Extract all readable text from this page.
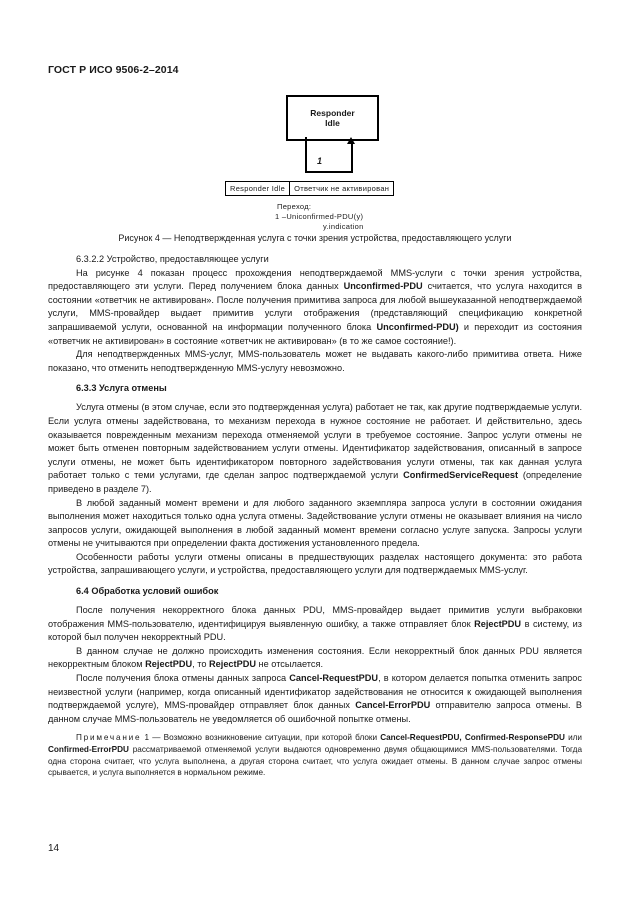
ГОСТ Р ИСО 9506-2–2014
Responder
Idle
1
Responder Idle	Ответчик не активирован
Переход:
1 –Uniconfirmed-PDU(y)
y.indication
Рисунок 4 — Неподтвержденная услуга с точки зрения устройства, предоставляющего услуги

6.3.2.2 Устройство, предоставляющее услуги

На рисунке 4 показан процесс прохождения неподтверждаемой MMS-услуги с точки зрения устройства, предоставляющего эти услуги. Перед получением блока данных Unconfirmed-PDU считается, что услуга находится в состоянии «ответчик не активирован». После получения примитива запроса для любой вышеуказанной неподтверждаемой услуги, MMS-провайдер выдает примитив услуги отображения (представляющий спецификацию конкретной запрашиваемой услуги, основанной на информации полученного блока Unconfirmed-PDU) и переходит из состояния «ответчик не активирован» в состояние «ответчик не активирован» (в то же самое состояние!).

Для неподтвержденных MMS-услуг, MMS-пользователь может не выдавать какого-либо примитива ответа. Ниже показано, что отменить неподтвержденную MMS-услугу невозможно.

6.3.3 Услуга отмены

Услуга отмены (в этом случае, если это подтвержденная услуга) работает не так, как другие подтверждаемые услуги. Если услуга отмены задействована, то механизм перехода в нужное состояние не работает. И действительно, здесь оказывается поврежденным механизм перехода отменяемой услуги в требуемое состояние. Запрос услуги отмены не может быть отменен повторным задействованием услуги отмены. Идентификатор задействования, описанный в запросе услуги отмены, не может быть идентификатором повторного задействования услуги отмены, так как данная услуга работает только с теми услугами, где сделан запрос подтверждаемой услуги ConfirmedServiceRequest (определение приведено в разделе 7).

В любой заданный момент времени и для любого заданного экземпляра запроса услуги в состоянии ожидания выполнения может находиться только одна услуга отмены. Задействование услуги отмены не оказывает влияния на число запросов услуги, ожидающей выполнения в любой заданный момент времени согласно услуге запуска. Запросы услуги отмены не учитываются при определении факта достижения установленного предела.

Особенности работы услуги отмены описаны в предшествующих разделах настоящего документа: это работа устройства, запрашивающего услуги, и устройства, предоставляющего услуги для подтверждаемых MMS-услуг.

6.4 Обработка условий ошибок

После получения некорректного блока данных PDU, MMS-провайдер выдает примитив услуги выбраковки отображения MMS-пользователю, идентифицируя выявленную ошибку, а также отправляет блок RejectPDU в систему, из которой был получен некорректный PDU.

В данном случае не должно происходить изменения состояния. Если некорректный блок данных PDU является некорректным блоком RejectPDU, то RejectPDU не отсылается.

После получения блока отмены данных запроса Cancel-RequestPDU, в котором делается попытка отменить запрос неизвестной услуги (например, когда описанный идентификатор задействования не относится к ожидающей выполнения подтверждаемой услуге), MMS-провайдер отправляет блок данных Cancel-ErrorPDU отправителю запроса отмены. В данном случае MMS-пользователь не уведомляется об ошибочной попытке отмены.

Примечание 1 — Возможно возникновение ситуации, при которой блоки Cancel-RequestPDU, Confirmed-ResponsePDU или Confirmed-ErrorPDU рассматриваемой отменяемой услуги выдаются одновременно двумя общающимися MMS-пользователями. Тогда одна сторона считает, что услуга выполнена, а другая сторона считает, что услуга ожидает отмены. В данном случае запрос отмены срывается, и услуга выполняется в нормальном режиме.

14
